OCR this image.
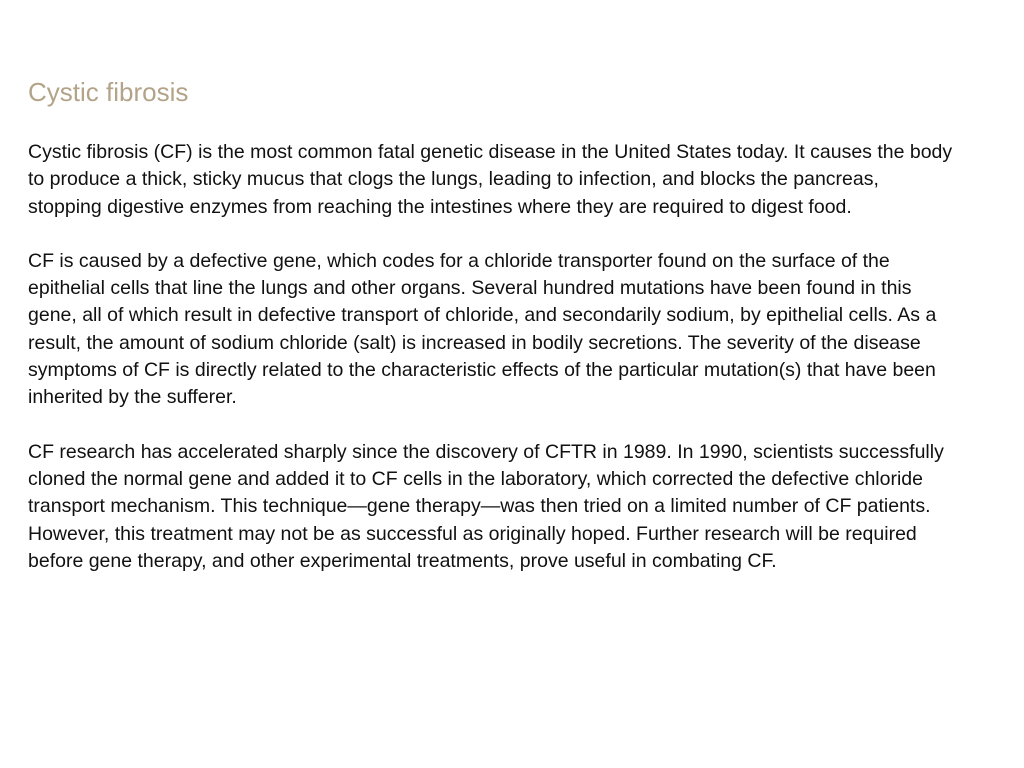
Cystic fibrosis

Cystic fibrosis (CF) is the most common fatal genetic disease in the United States today. It causes the body to produce a thick, sticky mucus that clogs the lungs, leading to infection, and blocks the pancreas, stopping digestive enzymes from reaching the intestines where they are required to digest food.

CF is caused by a defective gene, which codes for a chloride transporter found on the surface of the epithelial cells that line the lungs and other organs. Several hundred mutations have been found in this gene, all of which result in defective transport of chloride, and secondarily sodium, by epithelial cells. As a result, the amount of sodium chloride (salt) is increased in bodily secretions. The severity of the disease symptoms of CF is directly related to the characteristic effects of the particular mutation(s) that have been inherited by the sufferer.

CF research has accelerated sharply since the discovery of CFTR in 1989. In 1990, scientists successfully cloned the normal gene and added it to CF cells in the laboratory, which corrected the defective chloride transport mechanism. This technique—gene therapy—was then tried on a limited number of CF patients. However, this treatment may not be as successful as originally hoped. Further research will be required before gene therapy, and other experimental treatments, prove useful in combating CF.
